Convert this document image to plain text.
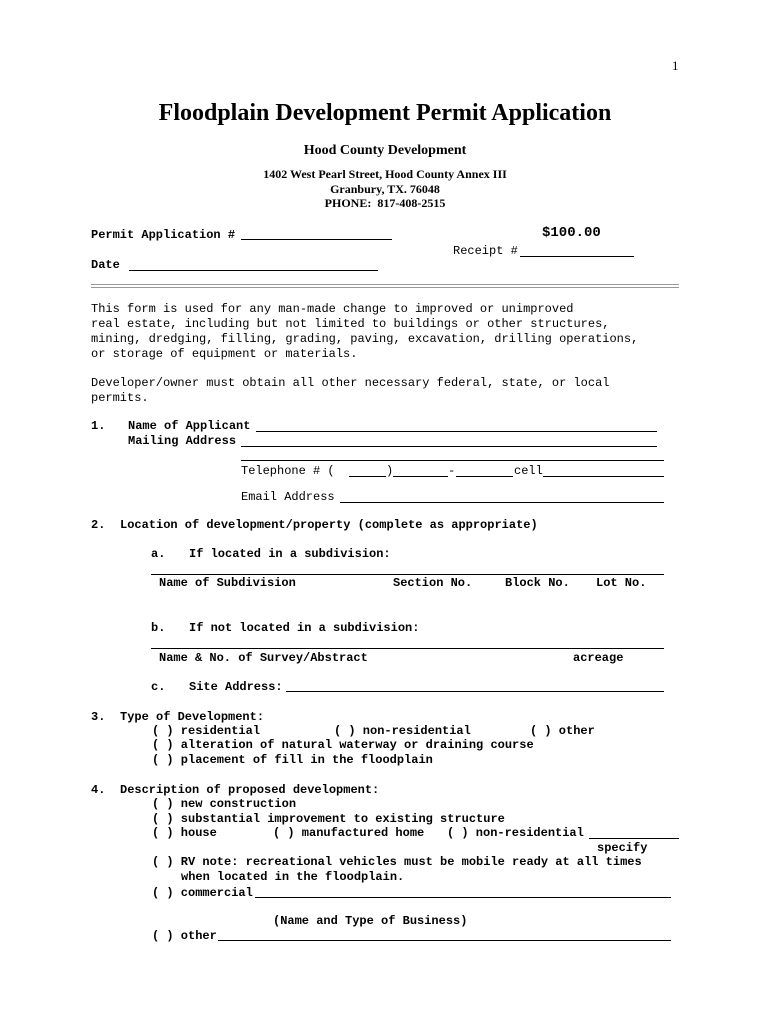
1
Floodplain Development Permit Application
Hood County Development
1402 West Pearl Street, Hood County Annex III
Granbury, TX. 76048
PHONE:  817-408-2515
Permit Application #	$100.00
Receipt #
Date
This form is used for any man-made change to improved or unimproved
real estate, including but not limited to buildings or other structures,
mining, dredging, filling, grading, paving, excavation, drilling operations,
or storage of equipment or materials.
Developer/owner must obtain all other necessary federal, state, or local
permits.
1. Name of Applicant
Mailing Address
Telephone # (	)	-	cell
Email Address
2. Location of development/property (complete as appropriate)
a. If located in a subdivision:
Name of Subdivision	Section No.	Block No. Lot No.
b. If not located in a subdivision:
Name & No. of Survey/Abstract	acreage
c. Site Address:
3. Type of Development:
( ) residential	( ) non-residential	( ) other
( ) alteration of natural waterway or draining course
( ) placement of fill in the floodplain
4. Description of proposed development:
( ) new construction
( ) substantial improvement to existing structure
( ) house	( ) manufactured home ( ) non-residential
specify
( ) RV note: recreational vehicles must be mobile ready at all times
when located in the floodplain.
( ) commercial
(Name and Type of Business)
( ) other
